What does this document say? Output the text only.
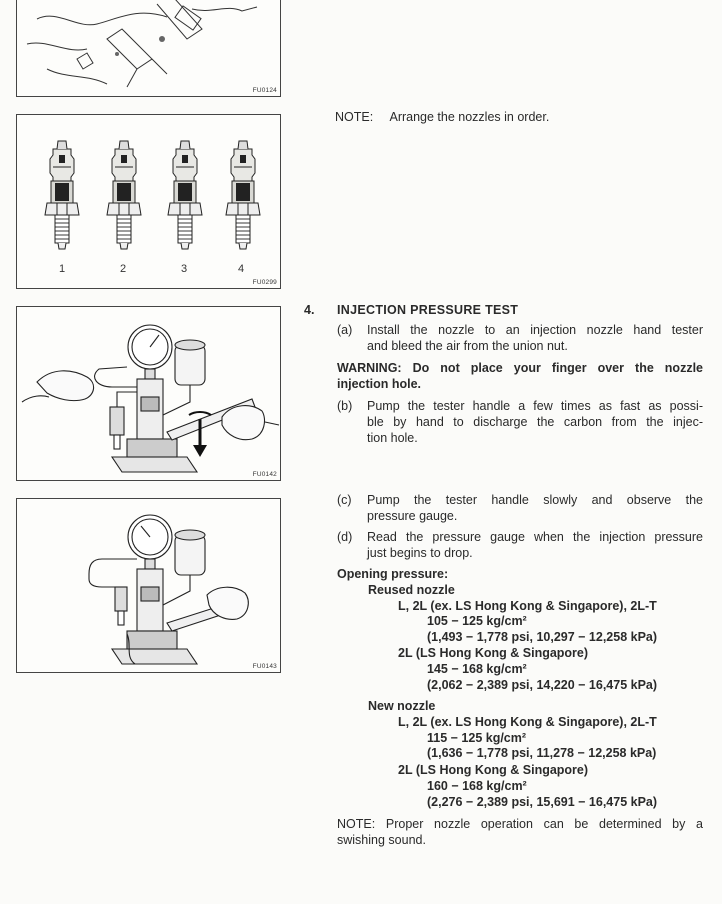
FU0124
1	2	3	4
FU0299
FU0142
FU0143
NOTE: Arrange the nozzles in order.
4. INJECTION PRESSURE TEST
(a) Install the nozzle to an injection nozzle hand tester
and bleed the air from the union nut.
WARNING: Do not place your finger over the nozzle
injection hole.
(b) Pump the tester handle a few times as fast as possi-
ble by hand to discharge the carbon from the injec-
tion hole.
(c) Pump the tester handle slowly and observe the
pressure gauge.
(d) Read the pressure gauge when the injection pressure
just begins to drop.
Opening pressure:
Reused nozzle
L, 2L (ex. LS Hong Kong & Singapore), 2L-T
105 − 125 kg/cm²
(1,493 − 1,778 psi, 10,297 − 12,258 kPa)
2L (LS Hong Kong & Singapore)
145 − 168 kg/cm²
(2,062 − 2,389 psi, 14,220 − 16,475 kPa)
New nozzle
L, 2L (ex. LS Hong Kong & Singapore), 2L-T
115 − 125 kg/cm²
(1,636 − 1,778 psi, 11,278 − 12,258 kPa)
2L (LS Hong Kong & Singapore)
160 − 168 kg/cm²
(2,276 − 2,389 psi, 15,691 − 16,475 kPa)
NOTE: Proper nozzle operation can be determined by a
swishing sound.
